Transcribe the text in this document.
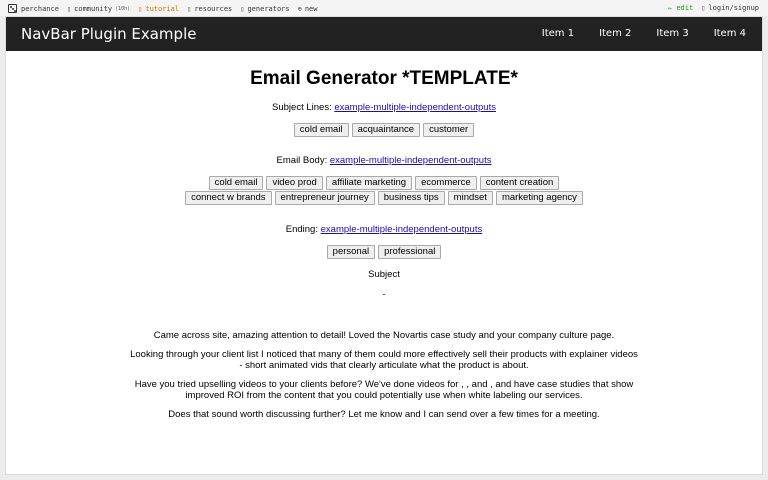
perchance ▯ community (10h) ▯ tutorial ▯ resources ▯ generators ⊕ new	✏ edit ▯ login/signup
NavBar Plugin Example	Item 1	Item 2	Item 3	Item 4
Email Generator *TEMPLATE*
Subject Lines: example-multiple-independent-outputs
cold email	acquaintance	customer
Email Body: example-multiple-independent-outputs
cold email	video prod	affiliate marketing	ecommerce	content creation
connect w brands	entrepreneur journey	business tips	mindset	marketing agency
Ending: example-multiple-independent-outputs
personal	professional
Subject
-
Came across site, amazing attention to detail! Loved the Novartis case study and your company culture page.
Looking through your client list I noticed that many of them could more effectively sell their products with explainer videos - short animated vids that clearly articulate what the product is about.
Have you tried upselling videos to your clients before? We've done videos for , , and , and have case studies that show improved ROI from the content that you could potentially use when white labeling our services.
Does that sound worth discussing further? Let me know and I can send over a few times for a meeting.
